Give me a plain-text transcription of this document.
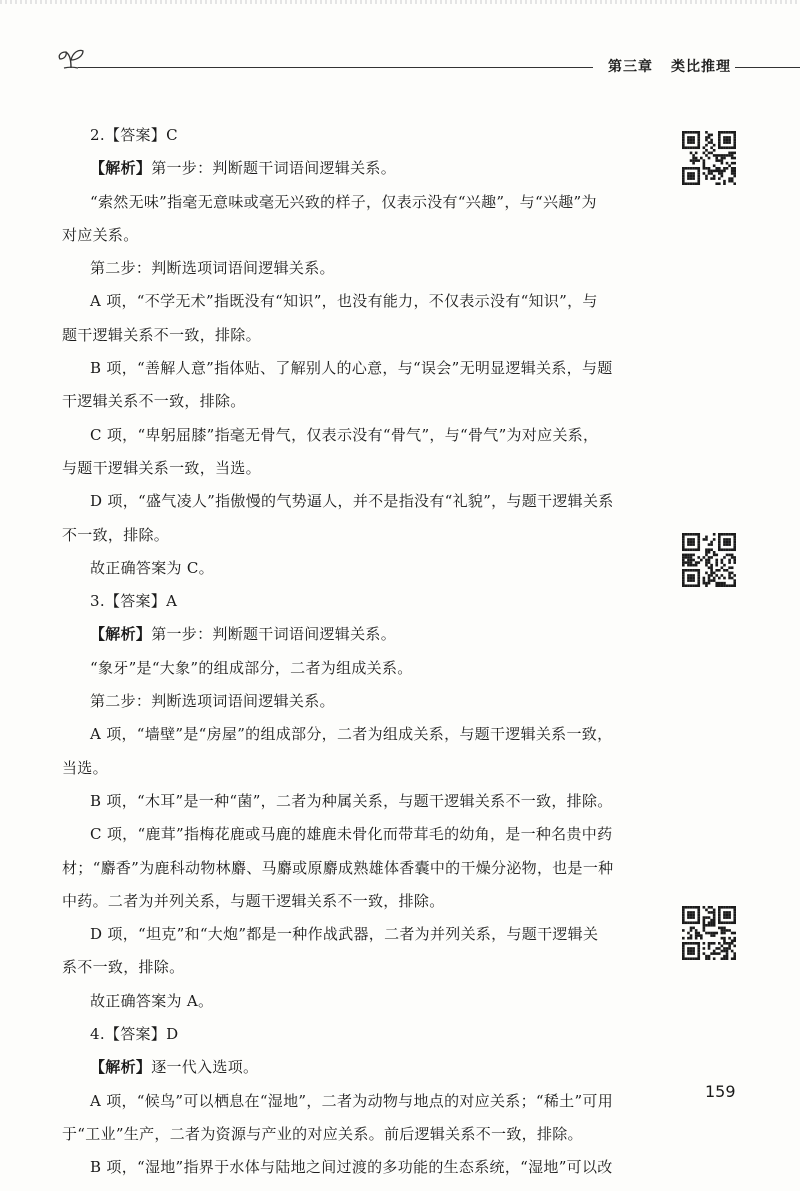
第三章 类比推理
2.【答案】C
【解析】第一步：判断题干词语间逻辑关系。
“索然无味”指毫无意味或毫无兴致的样子，仅表示没有“兴趣”，与“兴趣”为
对应关系。
第二步：判断选项词语间逻辑关系。
A 项，“不学无术”指既没有“知识”，也没有能力，不仅表示没有“知识”，与
题干逻辑关系不一致，排除。
B 项，“善解人意”指体贴、了解别人的心意，与“误会”无明显逻辑关系，与题
干逻辑关系不一致，排除。
C 项，“卑躬屈膝”指毫无骨气，仅表示没有“骨气”，与“骨气”为对应关系，
与题干逻辑关系一致，当选。
D 项，“盛气凌人”指傲慢的气势逼人，并不是指没有“礼貌”，与题干逻辑关系
不一致，排除。
故正确答案为 C。
3.【答案】A
【解析】第一步：判断题干词语间逻辑关系。
“象牙”是“大象”的组成部分，二者为组成关系。
第二步：判断选项词语间逻辑关系。
A 项，“墙壁”是“房屋”的组成部分，二者为组成关系，与题干逻辑关系一致，
当选。
B 项，“木耳”是一种“菌”，二者为种属关系，与题干逻辑关系不一致，排除。
C 项，“鹿茸”指梅花鹿或马鹿的雄鹿未骨化而带茸毛的幼角，是一种名贵中药
材；“麝香”为鹿科动物林麝、马麝或原麝成熟雄体香囊中的干燥分泌物，也是一种
中药。二者为并列关系，与题干逻辑关系不一致，排除。
D 项，“坦克”和“大炮”都是一种作战武器，二者为并列关系，与题干逻辑关
系不一致，排除。
故正确答案为 A。
4.【答案】D
【解析】逐一代入选项。
A 项，“候鸟”可以栖息在“湿地”，二者为动物与地点的对应关系；“稀土”可用
于“工业”生产，二者为资源与产业的对应关系。前后逻辑关系不一致，排除。
B 项，“湿地”指界于水体与陆地之间过渡的多功能的生态系统，“湿地”可以改
159
